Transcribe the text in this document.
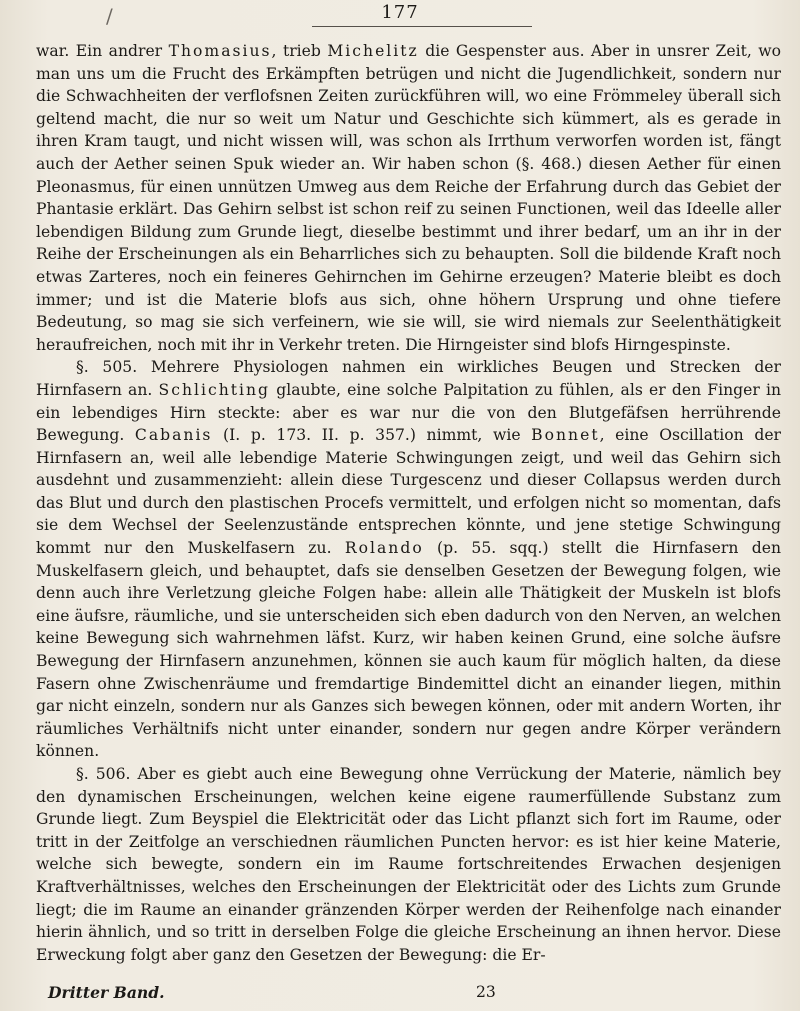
/	177

war. Ein andrer Thomasius, trieb Michelitz die Gespenster aus. Aber in unsrer Zeit, wo man uns um die Frucht des Erkämpften betrügen und nicht die Jugendlichkeit, sondern nur die Schwachheiten der verflofsnen Zeiten zurückführen will, wo eine Frömmeley überall sich geltend macht, die nur so weit um Natur und Geschichte sich kümmert, als es gerade in ihren Kram taugt, und nicht wissen will, was schon als Irrthum verworfen worden ist, fängt auch der Aether seinen Spuk wieder an. Wir haben schon (§. 468.) diesen Aether für einen Pleonasmus, für einen unnützen Umweg aus dem Reiche der Erfahrung durch das Gebiet der Phantasie erklärt. Das Gehirn selbst ist schon reif zu seinen Functionen, weil das Ideelle aller lebendigen Bildung zum Grunde liegt, dieselbe bestimmt und ihrer bedarf, um an ihr in der Reihe der Erscheinungen als ein Beharrliches sich zu behaupten. Soll die bildende Kraft noch etwas Zarteres, noch ein feineres Gehirnchen im Gehirne erzeugen? Materie bleibt es doch immer; und ist die Materie blofs aus sich, ohne höhern Ursprung und ohne tiefere Bedeutung, so mag sie sich verfeinern, wie sie will, sie wird niemals zur Seelenthätigkeit heraufreichen, noch mit ihr in Verkehr treten. Die Hirngeister sind blofs Hirngespinste.

§. 505. Mehrere Physiologen nahmen ein wirkliches Beugen und Strecken der Hirnfasern an. Schlichting glaubte, eine solche Palpitation zu fühlen, als er den Finger in ein lebendiges Hirn steckte: aber es war nur die von den Blutgefäfsen herrührende Bewegung. Cabanis (I. p. 173. II. p. 357.) nimmt, wie Bonnet, eine Oscillation der Hirnfasern an, weil alle lebendige Materie Schwingungen zeigt, und weil das Gehirn sich ausdehnt und zusammenzieht: allein diese Turgescenz und dieser Collapsus werden durch das Blut und durch den plastischen Procefs vermittelt, und erfolgen nicht so momentan, dafs sie dem Wechsel der Seelenzustände entsprechen könnte, und jene stetige Schwingung kommt nur den Muskelfasern zu. Rolando (p. 55. sqq.) stellt die Hirnfasern den Muskelfasern gleich, und behauptet, dafs sie denselben Gesetzen der Bewegung folgen, wie denn auch ihre Verletzung gleiche Folgen habe: allein alle Thätigkeit der Muskeln ist blofs eine äufsre, räumliche, und sie unterscheiden sich eben dadurch von den Nerven, an welchen keine Bewegung sich wahrnehmen läfst. Kurz, wir haben keinen Grund, eine solche äufsre Bewegung der Hirnfasern anzunehmen, können sie auch kaum für möglich halten, da diese Fasern ohne Zwischenräume und fremdartige Bindemittel dicht an einander liegen, mithin gar nicht einzeln, sondern nur als Ganzes sich bewegen können, oder mit andern Worten, ihr räumliches Verhältnifs nicht unter einander, sondern nur gegen andre Körper verändern können.

§. 506. Aber es giebt auch eine Bewegung ohne Verrückung der Materie, nämlich bey den dynamischen Erscheinungen, welchen keine eigene raumerfüllende Substanz zum Grunde liegt. Zum Beyspiel die Elektricität oder das Licht pflanzt sich fort im Raume, oder tritt in der Zeitfolge an verschiednen räumlichen Puncten hervor: es ist hier keine Materie, welche sich bewegte, sondern ein im Raume fortschreitendes Erwachen desjenigen Kraftverhältnisses, welches den Erscheinungen der Elektricität oder des Lichts zum Grunde liegt; die im Raume an einander gränzenden Körper werden der Reihenfolge nach einander hierin ähnlich, und so tritt in derselben Folge die gleiche Erscheinung an ihnen hervor. Diese Erweckung folgt aber ganz den Gesetzen der Bewegung: die Er-

Dritter Band.	23
